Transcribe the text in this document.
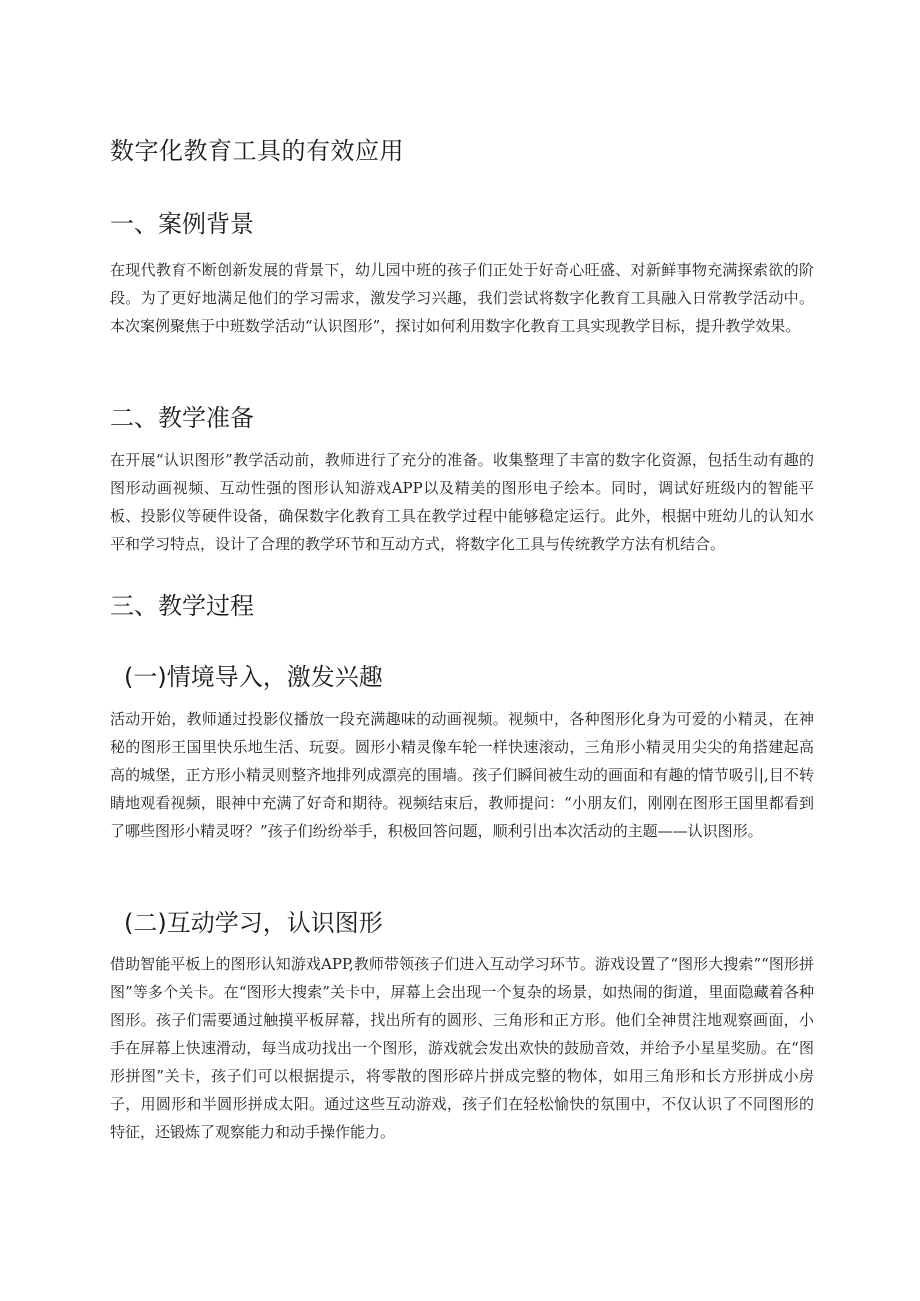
数字化教育工具的有效应用
一、案例背景

在现代教育不断创新发展的背景下，幼儿园中班的孩子们正处于好奇心旺盛、对新鲜事物充满探索欲的阶段。为了更好地满足他们的学习需求，激发学习兴趣，我们尝试将数字化教育工具融入日常教学活动中。本次案例聚焦于中班数学活动“认识图形”，探讨如何利用数字化教育工具实现教学目标，提升教学效果。

二、教学准备

在开展“认识图形”教学活动前，教师进行了充分的准备。收集整理了丰富的数字化资源，包括生动有趣的图形动画视频、互动性强的图形认知游戏APP以及精美的图形电子绘本。同时，调试好班级内的智能平板、投影仪等硬件设备，确保数字化教育工具在教学过程中能够稳定运行。此外，根据中班幼儿的认知水平和学习特点，设计了合理的教学环节和互动方式，将数字化工具与传统教学方法有机结合。

三、教学过程
(一)情境导入，激发兴趣

活动开始，教师通过投影仪播放一段充满趣味的动画视频。视频中，各种图形化身为可爱的小精灵，在神秘的图形王国里快乐地生活、玩耍。圆形小精灵像车轮一样快速滚动，三角形小精灵用尖尖的角搭建起高高的城堡，正方形小精灵则整齐地排列成漂亮的围墙。孩子们瞬间被生动的画面和有趣的情节吸引|,目不转睛地观看视频，眼神中充满了好奇和期待。视频结束后，教师提问：“小朋友们，刚刚在图形王国里都看到了哪些图形小精灵呀？”孩子们纷纷举手，积极回答问题，顺利引出本次活动的主题——认识图形。

(二)互动学习，认识图形

借助智能平板上的图形认知游戏APP,教师带领孩子们进入互动学习环节。游戏设置了“图形大搜索”“图形拼图”等多个关卡。在“图形大搜索”关卡中，屏幕上会出现一个复杂的场景，如热闹的街道，里面隐藏着各种图形。孩子们需要通过触摸平板屏幕，找出所有的圆形、三角形和正方形。他们全神贯注地观察画面，小手在屏幕上快速滑动，每当成功找出一个图形，游戏就会发出欢快的鼓励音效，并给予小星星奖励。在“图形拼图”关卡，孩子们可以根据提示，将零散的图形碎片拼成完整的物体，如用三角形和长方形拼成小房子，用圆形和半圆形拼成太阳。通过这些互动游戏，孩子们在轻松愉快的氛围中，不仅认识了不同图形的特征，还锻炼了观察能力和动手操作能力。
